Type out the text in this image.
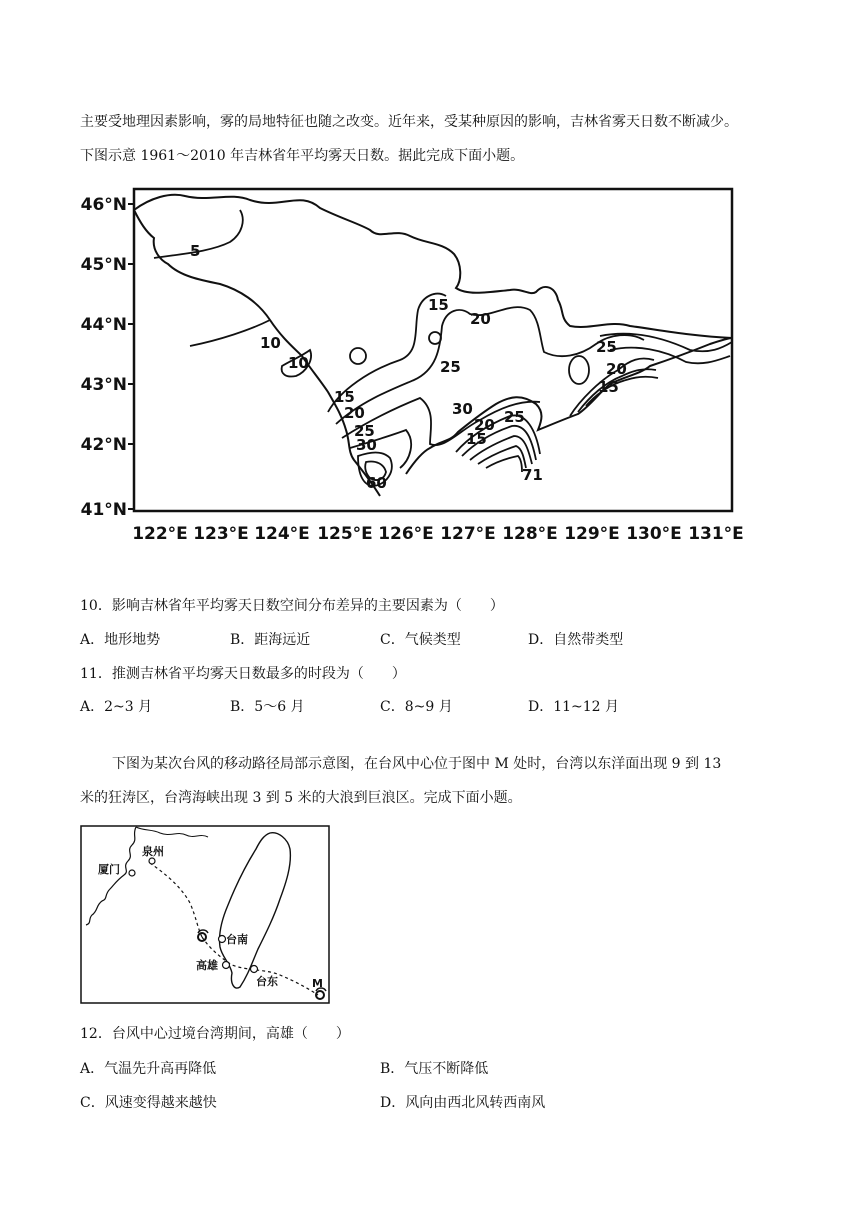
主要受地理因素影响，雾的局地特征也随之改变。近年来，受某种原因的影响，吉林省雾天日数不断减少。
下图示意 1961～2010 年吉林省年平均雾天日数。据此完成下面小题。
46°N
45°N
44°N
43°N
42°N
41°N
122°E 123°E 124°E 125°E 126°E 127°E 128°E 129°E 130°E 131°E
5
10
10
15
20
25
30
60
15
20
25
30
20
15
25
71
25
20
15
10．影响吉林省年平均雾天日数空间分布差异的主要因素为（　　）
A．地形地势	B．距海远近	C．气候类型	D．自然带类型
11．推测吉林省平均雾天日数最多的时段为（　　）
A．2~3 月	B．5～6 月	C．8~9 月	D．11~12 月
下图为某次台风的移动路径局部示意图，在台风中心位于图中 M 处时，台湾以东洋面出现 9 到 13
米的狂涛区，台湾海峡出现 3 到 5 米的大浪到巨浪区。完成下面小题。
泉州
厦门
台南
高雄
台东	M
12．台风中心过境台湾期间，高雄（　　）
A．气温先升高再降低	B．气压不断降低
C．风速变得越来越快	D．风向由西北风转西南风
